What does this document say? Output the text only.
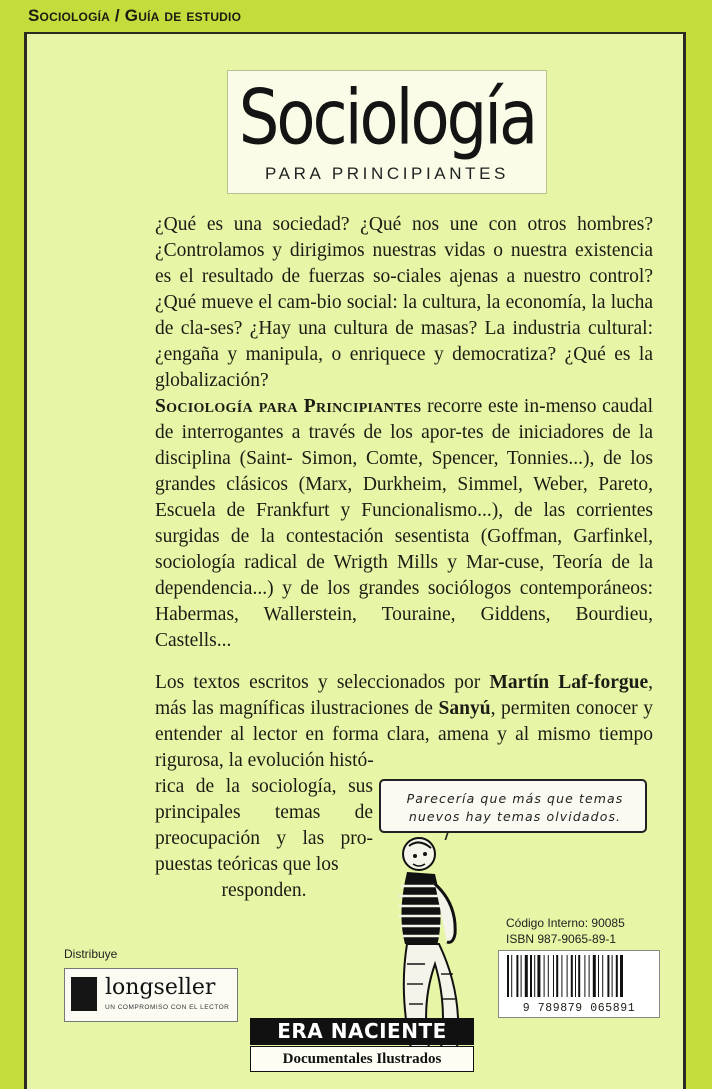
Sociología / Guía de estudio
Sociología
PARA PRINCIPIANTES

¿Qué es una sociedad? ¿Qué nos une con otros hombres? ¿Controlamos y dirigimos nuestras vidas o nuestra existencia es el resultado de fuerzas so-ciales ajenas a nuestro control? ¿Qué mueve el cam-bio social: la cultura, la economía, la lucha de cla-ses? ¿Hay una cultura de masas? La industria cultural: ¿engaña y manipula, o enriquece y democratiza? ¿Qué es la globalización?

Sociología para Principiantes recorre este in-menso caudal de interrogantes a través de los apor-tes de iniciadores de la disciplina (Saint- Simon, Comte, Spencer, Tonnies...), de los grandes clásicos (Marx, Durkheim, Simmel, Weber, Pareto, Escuela de Frankfurt y Funcionalismo...), de las corrientes surgidas de la contestación sesentista (Goffman, Garfinkel, sociología radical de Wrigth Mills y Mar-cuse, Teoría de la dependencia...) y de los grandes sociólogos contemporáneos: Habermas, Wallerstein, Touraine, Giddens, Bourdieu, Castells...

Los textos escritos y seleccionados por Martín Laf-forgue, más las magníficas ilustraciones de Sanyú, permiten conocer y entender al lector en forma clara, amena y al mismo tiempo rigurosa, la evolución histó-

rica de la sociología, sus principales temas de preocupación y las pro-puestas teóricas que los
responden.

Parecería que más que temas
nuevos hay temas olvidados.
Código Interno: 90085
ISBN 987-9065-89-1
9 789879 065891
Distribuye
longseller
UN COMPROMISO CON EL LECTOR
ERA NACIENTE
Documentales Ilustrados
